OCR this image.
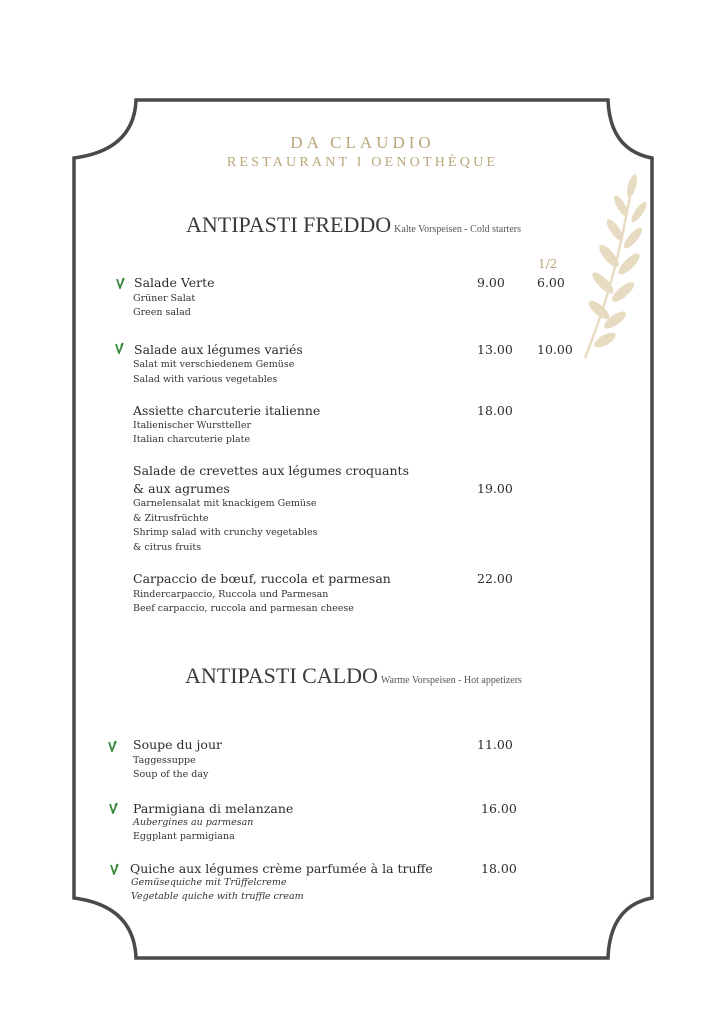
DA CLAUDIO
RESTAURANT I OENOTHÈQUE
ANTIPASTI FREDDO Kalte Vorspeisen - Cold starters
1/2
Salade Verte	9.00	6.00
Grüner Salat
Green salad
Salade aux légumes variés	13.00 10.00
Salat mit verschiedenem Gemüse
Salad with various vegetables
Assiette charcuterie italienne	18.00
Italienischer Wurstteller
Italian charcuterie plate
Salade de crevettes aux légumes croquants
& aux agrumes	19.00
Garnelensalat mit knackigem Gemüse
& Zitrusfrüchte
Shrimp salad with crunchy vegetables
& citrus fruits
Carpaccio de bœuf, ruccola et parmesan	22.00
Rindercarpaccio, Ruccola und Parmesan
Beef carpaccio, ruccola and parmesan cheese
ANTIPASTI CALDO Warme Vorspeisen - Hot appetizers
Soupe du jour	11.00
Taggessuppe
Soup of the day
Parmigiana di melanzane	16.00
Aubergines au parmesan
Eggplant parmigiana
Quiche aux légumes crème parfumée à la truffe	18.00
Gemüsequiche mit Trüffelcreme
Vegetable quiche with truffle cream
